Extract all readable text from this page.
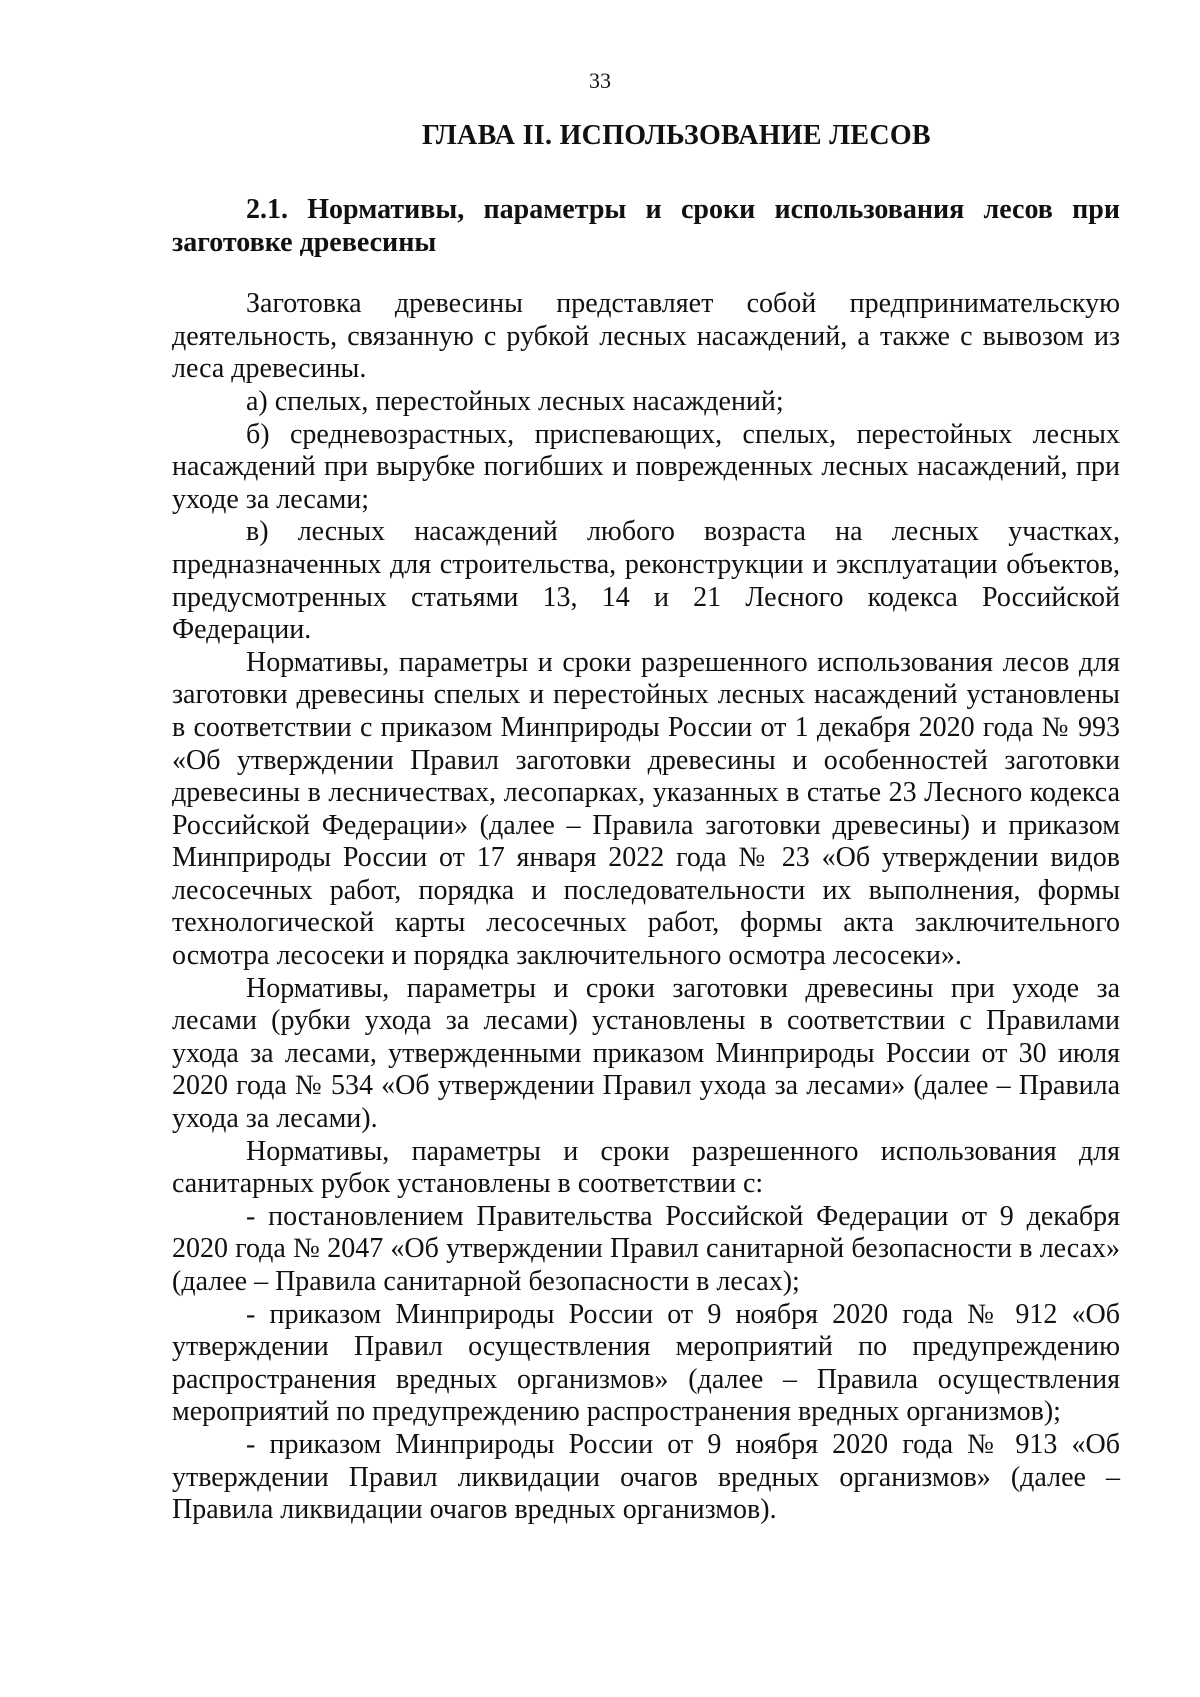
33
ГЛАВА II. ИСПОЛЬЗОВАНИЕ ЛЕСОВ
2.1. Нормативы, параметры и сроки использования лесов при заготовке древесины

Заготовка древесины представляет собой предпринимательскую деятельность, связанную с рубкой лесных насаждений, а также с вывозом из леса древесины.

а) спелых, перестойных лесных насаждений;

б) средневозрастных, приспевающих, спелых, перестойных лесных насаждений при вырубке погибших и поврежденных лесных насаждений, при уходе за лесами;

в) лесных насаждений любого возраста на лесных участках, предназначенных для строительства, реконструкции и эксплуатации объектов, предусмотренных статьями 13, 14 и 21 Лесного кодекса Российской Федерации.

Нормативы, параметры и сроки разрешенного использования лесов для заготовки древесины спелых и перестойных лесных насаждений установлены в соответствии с приказом Минприроды России от 1 декабря 2020 года № 993 «Об утверждении Правил заготовки древесины и особенностей заготовки древесины в лесничествах, лесопарках, указанных в статье 23 Лесного кодекса Российской Федерации» (далее – Правила заготовки древесины) и приказом Минприроды России от 17 января 2022 года № 23 «Об утверждении видов лесосечных работ, порядка и последовательности их выполнения, формы технологической карты лесосечных работ, формы акта заключительного осмотра лесосеки и порядка заключительного осмотра лесосеки».

Нормативы, параметры и сроки заготовки древесины при уходе за лесами (рубки ухода за лесами) установлены в соответствии с Правилами ухода за лесами, утвержденными приказом Минприроды России от 30 июля 2020 года № 534 «Об утверждении Правил ухода за лесами» (далее – Правила ухода за лесами).

Нормативы, параметры и сроки разрешенного использования для санитарных рубок установлены в соответствии с:

- постановлением Правительства Российской Федерации от 9 декабря 2020 года № 2047 «Об утверждении Правил санитарной безопасности в лесах» (далее – Правила санитарной безопасности в лесах);

- приказом Минприроды России от 9 ноября 2020 года № 912 «Об утверждении Правил осуществления мероприятий по предупреждению распространения вредных организмов» (далее – Правила осуществления мероприятий по предупреждению распространения вредных организмов);

- приказом Минприроды России от 9 ноября 2020 года № 913 «Об утверждении Правил ликвидации очагов вредных организмов» (далее – Правила ликвидации очагов вредных организмов).
